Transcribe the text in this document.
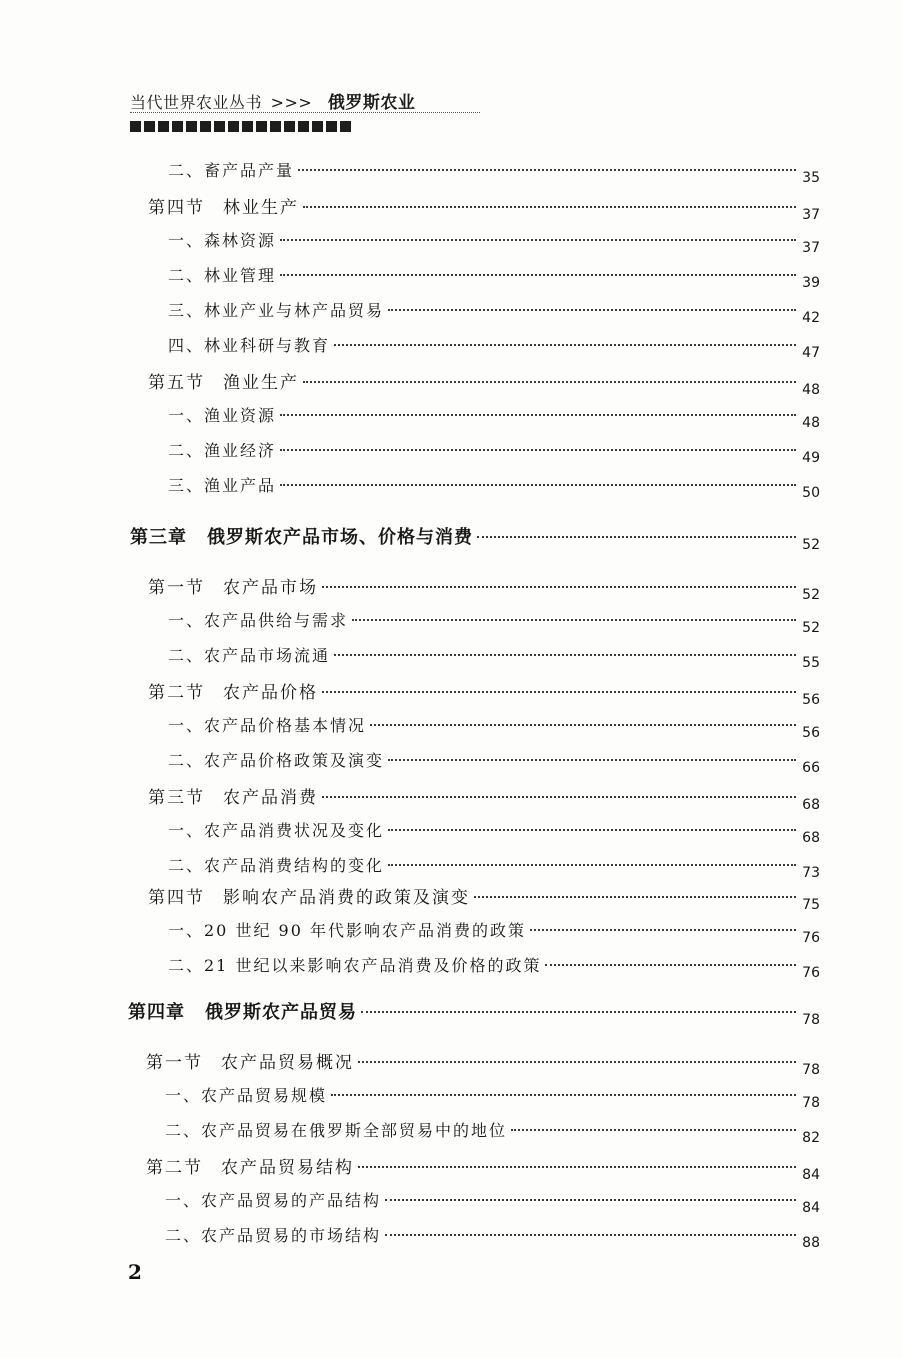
当代世界农业丛书 >>> 俄罗斯农业
二、畜产品产量	35
第四节 林业生产	37
一、森林资源	37
二、林业管理	39
三、林业产业与林产品贸易	42
四、林业科研与教育	47
第五节 渔业生产	48
一、渔业资源	48
二、渔业经济	49
三、渔业产品	50
第三章 俄罗斯农产品市场、价格与消费	52
第一节 农产品市场	52
一、农产品供给与需求	52
二、农产品市场流通	55
第二节 农产品价格	56
一、农产品价格基本情况	56
二、农产品价格政策及演变	66
第三节 农产品消费	68
一、农产品消费状况及变化	68
二、农产品消费结构的变化	73
第四节 影响农产品消费的政策及演变	75
一、20 世纪 90 年代影响农产品消费的政策	76
二、21 世纪以来影响农产品消费及价格的政策	76
第四章 俄罗斯农产品贸易	78
第一节 农产品贸易概况	78
一、农产品贸易规模	78
二、农产品贸易在俄罗斯全部贸易中的地位	82
第二节 农产品贸易结构	84
一、农产品贸易的产品结构	84
二、农产品贸易的市场结构	88
2
